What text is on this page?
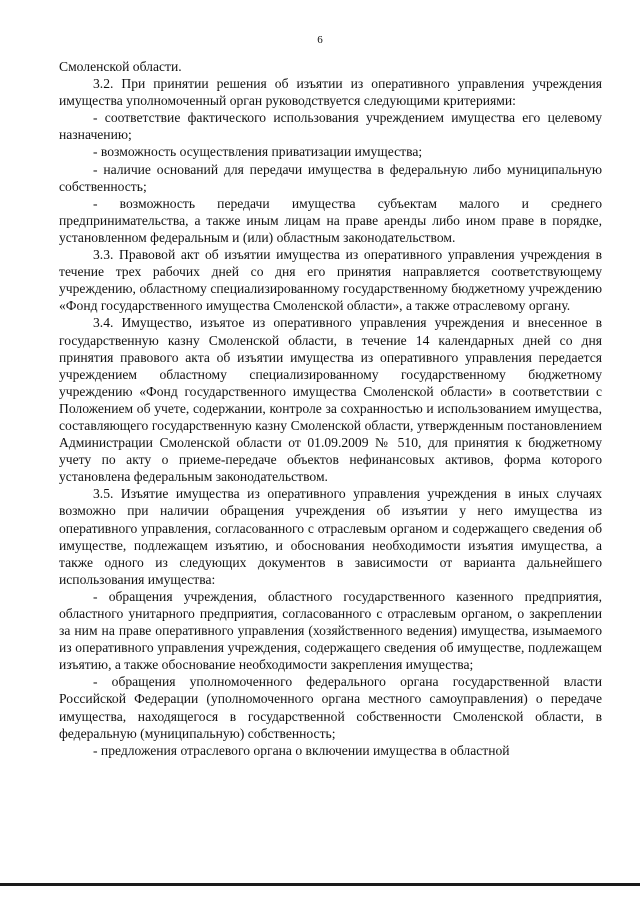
6

Смоленской области.

3.2. При принятии решения об изъятии из оперативного управления учреждения имущества уполномоченный орган руководствуется следующими критериями:

- соответствие фактического использования учреждением имущества его целевому назначению;

- возможность осуществления приватизации имущества;

- наличие оснований для передачи имущества в федеральную либо муниципальную собственность;

- возможность передачи имущества субъектам малого и среднего предпринимательства, а также иным лицам на праве аренды либо ином праве в порядке, установленном федеральным и (или) областным законодательством.

3.3. Правовой акт об изъятии имущества из оперативного управления учреждения в течение трех рабочих дней со дня его принятия направляется соответствующему учреждению, областному специализированному государственному бюджетному учреждению «Фонд государственного имущества Смоленской области», а также отраслевому органу.

3.4. Имущество, изъятое из оперативного управления учреждения и внесенное в государственную казну Смоленской области, в течение 14 календарных дней со дня принятия правового акта об изъятии имущества из оперативного управления передается учреждением областному специализированному государственному бюджетному учреждению «Фонд государственного имущества Смоленской области» в соответствии с Положением об учете, содержании, контроле за сохранностью и использованием имущества, составляющего государственную казну Смоленской области, утвержденным постановлением Администрации Смоленской области от 01.09.2009 № 510, для принятия к бюджетному учету по акту о приеме-передаче объектов нефинансовых активов, форма которого установлена федеральным законодательством.

3.5. Изъятие имущества из оперативного управления учреждения в иных случаях возможно при наличии обращения учреждения об изъятии у него имущества из оперативного управления, согласованного с отраслевым органом и содержащего сведения об имуществе, подлежащем изъятию, и обоснования необходимости изъятия имущества, а также одного из следующих документов в зависимости от варианта дальнейшего использования имущества:

- обращения учреждения, областного государственного казенного предприятия, областного унитарного предприятия, согласованного с отраслевым органом, о закреплении за ним на праве оперативного управления (хозяйственного ведения) имущества, изымаемого из оперативного управления учреждения, содержащего сведения об имуществе, подлежащем изъятию, а также обоснование необходимости закрепления имущества;

- обращения уполномоченного федерального органа государственной власти Российской Федерации (уполномоченного органа местного самоуправления) о передаче имущества, находящегося в государственной собственности Смоленской области, в федеральную (муниципальную) собственность;

- предложения отраслевого органа о включении имущества в областной
